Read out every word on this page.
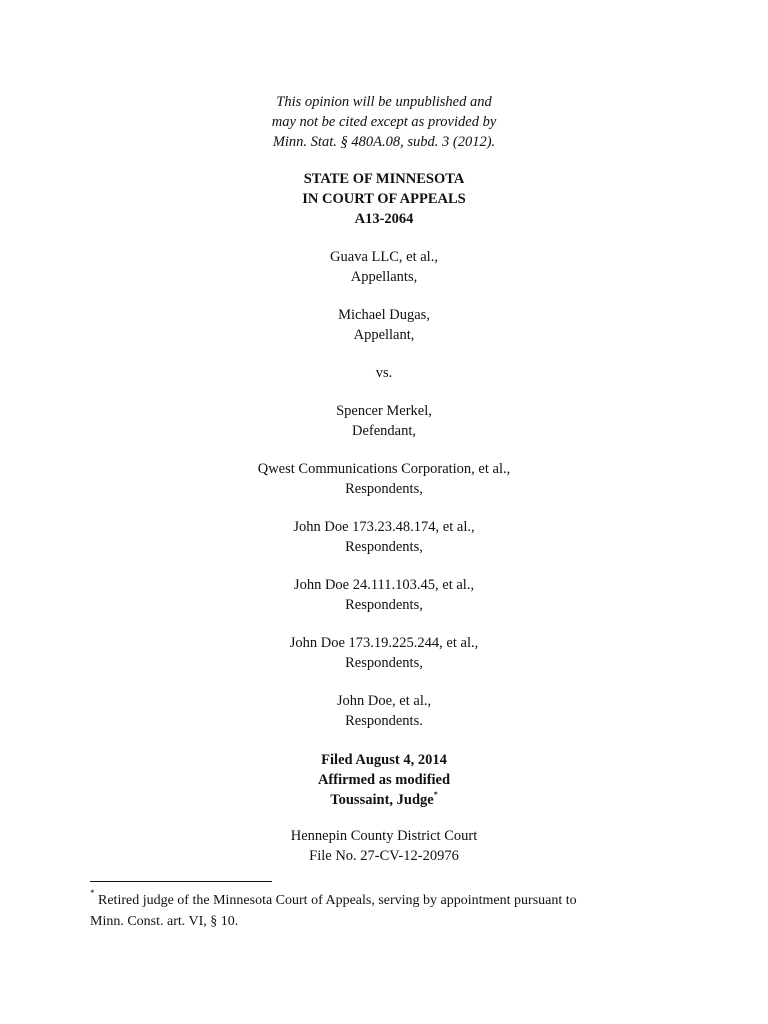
This opinion will be unpublished and
may not be cited except as provided by
Minn. Stat. § 480A.08, subd. 3 (2012).
STATE OF MINNESOTA
IN COURT OF APPEALS
A13-2064
Guava LLC, et al.,
Appellants,
Michael Dugas,
Appellant,
vs.
Spencer Merkel,
Defendant,
Qwest Communications Corporation, et al.,
Respondents,
John Doe 173.23.48.174, et al.,
Respondents,
John Doe 24.111.103.45, et al.,
Respondents,
John Doe 173.19.225.244, et al.,
Respondents,
John Doe, et al.,
Respondents.
Filed August 4, 2014
Affirmed as modified
Toussaint, Judge*
Hennepin County District Court
File No. 27-CV-12-20976
* Retired judge of the Minnesota Court of Appeals, serving by appointment pursuant to
Minn. Const. art. VI, § 10.
